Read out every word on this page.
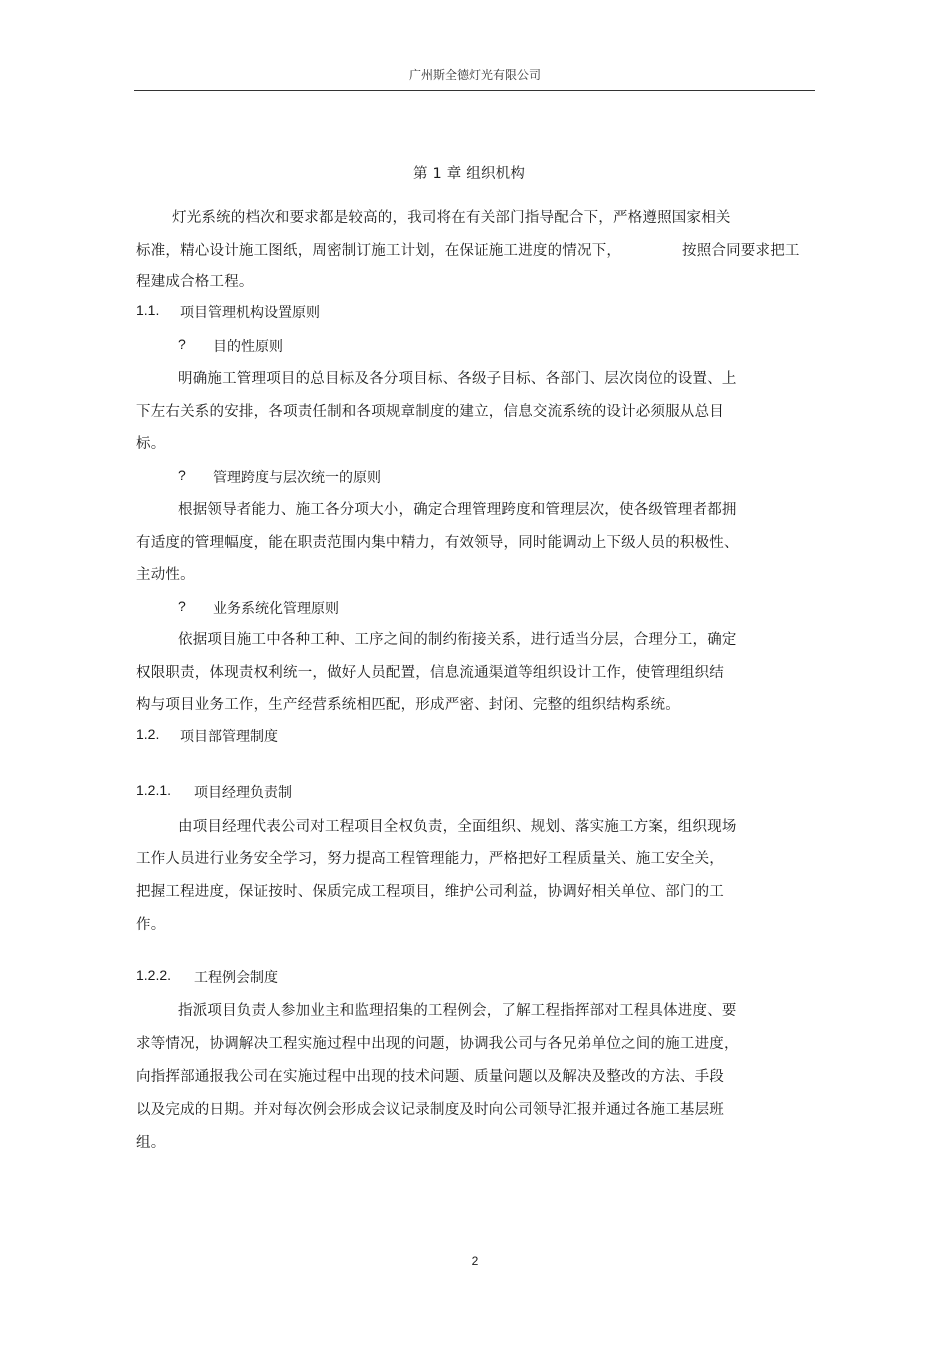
广州斯全德灯光有限公司
第 1 章 组织机构
灯光系统的档次和要求都是较高的，我司将在有关部门指导配合下，严格遵照国家相关
标准，精心设计施工图纸，周密制订施工计划，在保证施工进度的情况下，	按照合同要求把工
程建成合格工程。
1.1. 项目管理机构设置原则
? 目的性原则
明确施工管理项目的总目标及各分项目标、各级子目标、各部门、层次岗位的设置、上
下左右关系的安排，各项责任制和各项规章制度的建立，信息交流系统的设计必须服从总目
标。
? 管理跨度与层次统一的原则
根据领导者能力、施工各分项大小，确定合理管理跨度和管理层次，使各级管理者都拥
有适度的管理幅度，能在职责范围内集中精力，有效领导，同时能调动上下级人员的积极性、
主动性。
? 业务系统化管理原则
依据项目施工中各种工种、工序之间的制约衔接关系，进行适当分层，合理分工，确定
权限职责，体现责权利统一，做好人员配置，信息流通渠道等组织设计工作，使管理组织结
构与项目业务工作，生产经营系统相匹配，形成严密、封闭、完整的组织结构系统。
1.2. 项目部管理制度
1.2.1. 项目经理负责制
由项目经理代表公司对工程项目全权负责，全面组织、规划、落实施工方案，组织现场
工作人员进行业务安全学习，努力提高工程管理能力，严格把好工程质量关、施工安全关，
把握工程进度，保证按时、保质完成工程项目，维护公司利益，协调好相关单位、部门的工
作。
1.2.2. 工程例会制度
指派项目负责人参加业主和监理招集的工程例会，了解工程指挥部对工程具体进度、要
求等情况，协调解决工程实施过程中出现的问题，协调我公司与各兄弟单位之间的施工进度，
向指挥部通报我公司在实施过程中出现的技术问题、质量问题以及解决及整改的方法、手段
以及完成的日期。并对每次例会形成会议记录制度及时向公司领导汇报并通过各施工基层班
组。
2
